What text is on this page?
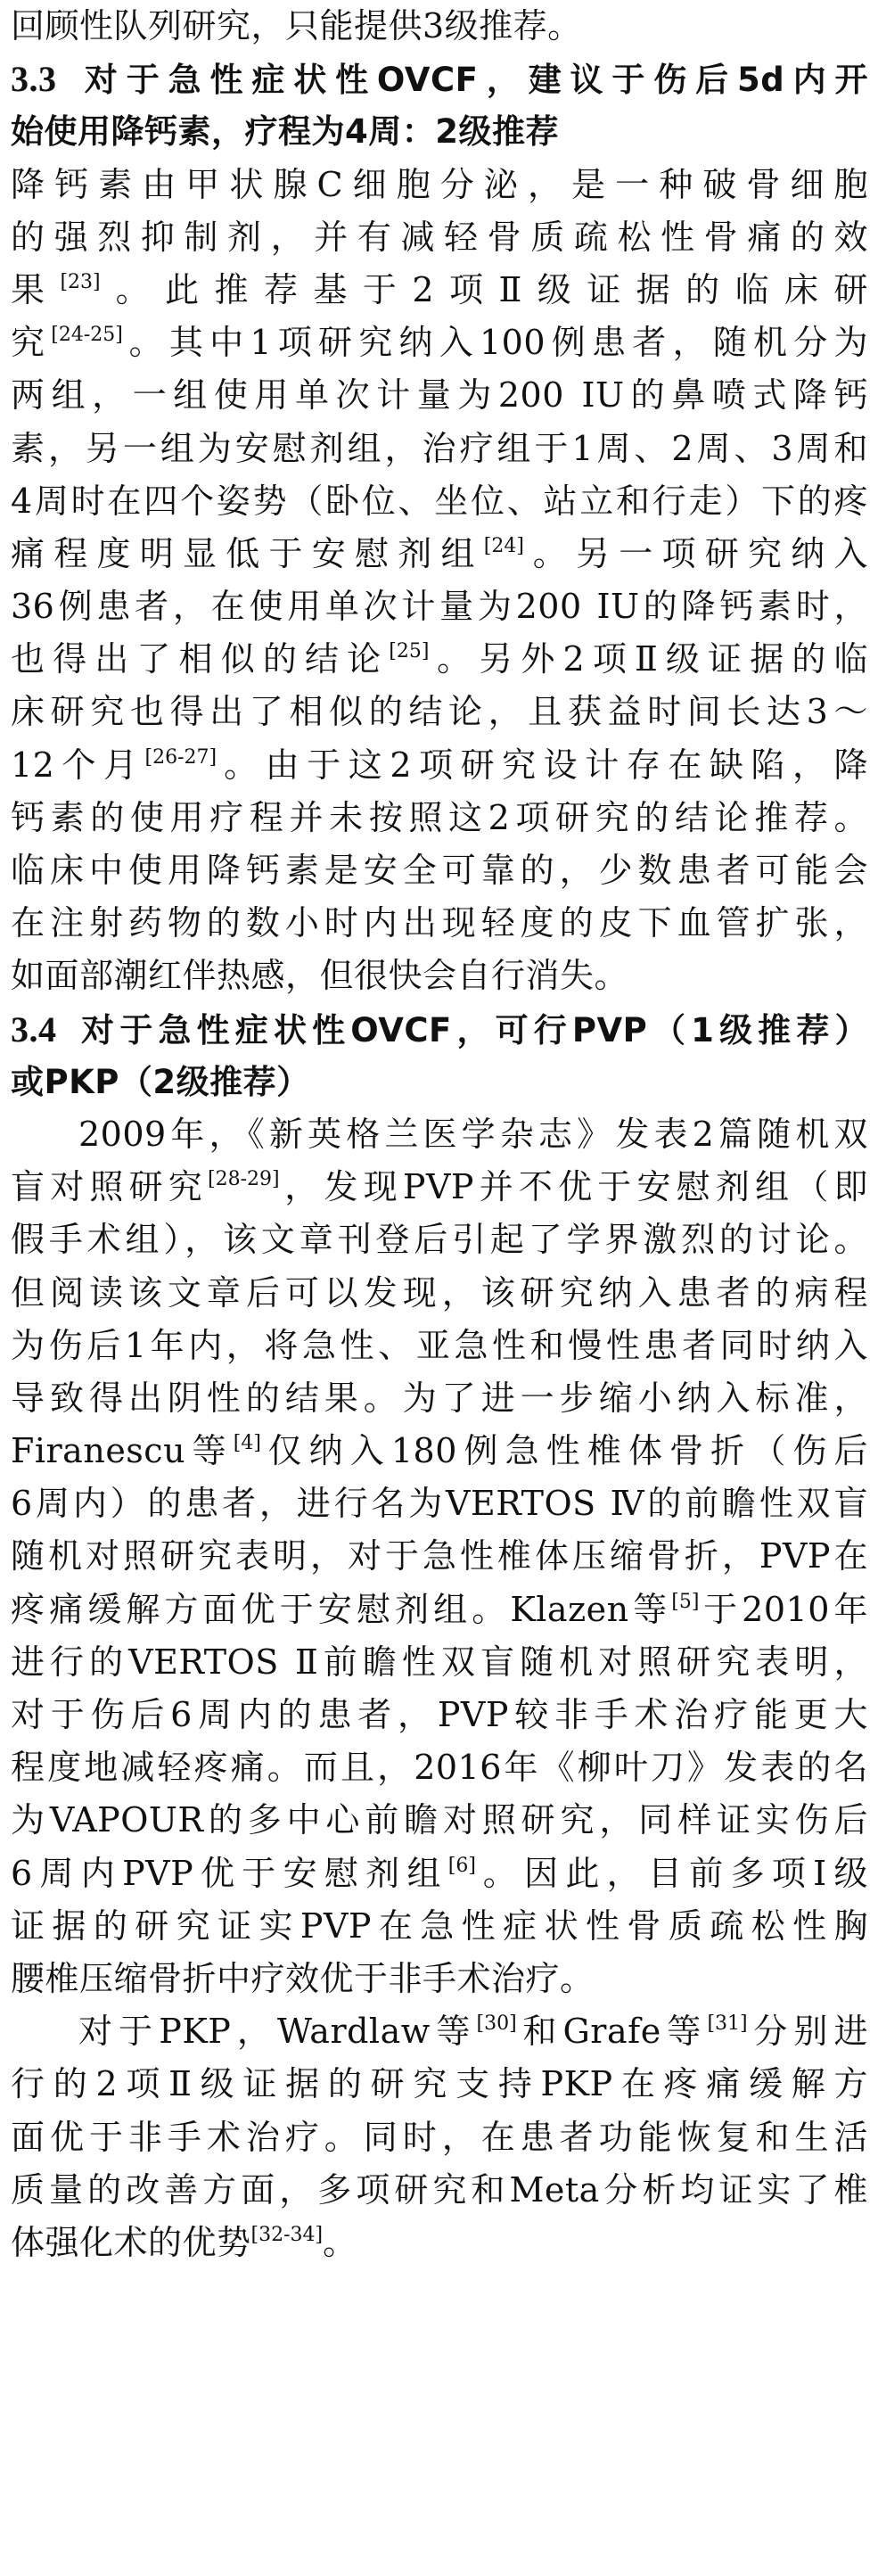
回顾性队列研究，只能提供3级推荐。
3.3 对于急性症状性OVCF，建议于伤后5d内开
始使用降钙素，疗程为4周：2级推荐
降钙素由甲状腺C细胞分泌，是一种破骨细胞
的强烈抑制剂，并有减轻骨质疏松性骨痛的效
果[23]。此推荐基于2项Ⅱ级证据的临床研
究[24-25]。其中1项研究纳入100例患者，随机分为
两组，一组使用单次计量为200 IU的鼻喷式降钙
素，另一组为安慰剂组，治疗组于1周、2周、3周和
4周时在四个姿势（卧位、坐位、站立和行走）下的疼
痛程度明显低于安慰剂组[24]。另一项研究纳入
36例患者，在使用单次计量为200 IU的降钙素时，
也得出了相似的结论[25]。另外2项Ⅱ级证据的临
床研究也得出了相似的结论，且获益时间长达3～
12个月[26-27]。由于这2项研究设计存在缺陷，降
钙素的使用疗程并未按照这2项研究的结论推荐。
临床中使用降钙素是安全可靠的，少数患者可能会
在注射药物的数小时内出现轻度的皮下血管扩张，
如面部潮红伴热感，但很快会自行消失。
3.4 对于急性症状性OVCF，可行PVP（1级推荐）
或PKP（2级推荐）
2009年，《新英格兰医学杂志》发表2篇随机双
盲对照研究[28-29]，发现PVP并不优于安慰剂组（即
假手术组），该文章刊登后引起了学界激烈的讨论。
但阅读该文章后可以发现，该研究纳入患者的病程
为伤后1年内，将急性、亚急性和慢性患者同时纳入
导致得出阴性的结果。为了进一步缩小纳入标准，
Firanescu等[4]仅纳入180例急性椎体骨折（伤后
6周内）的患者，进行名为VERTOS Ⅳ的前瞻性双盲
随机对照研究表明，对于急性椎体压缩骨折，PVP在
疼痛缓解方面优于安慰剂组。Klazen等[5]于2010年
进行的VERTOS Ⅱ前瞻性双盲随机对照研究表明，
对于伤后6周内的患者，PVP较非手术治疗能更大
程度地减轻疼痛。而且，2016年《柳叶刀》发表的名
为VAPOUR的多中心前瞻对照研究，同样证实伤后
6周内PVP优于安慰剂组[6]。因此，目前多项Ⅰ级
证据的研究证实PVP在急性症状性骨质疏松性胸
腰椎压缩骨折中疗效优于非手术治疗。
对于PKP，Wardlaw等[30]和Grafe等[31]分别进
行的2项Ⅱ级证据的研究支持PKP在疼痛缓解方
面优于非手术治疗。同时，在患者功能恢复和生活
质量的改善方面，多项研究和Meta分析均证实了椎
体强化术的优势[32-34]。
